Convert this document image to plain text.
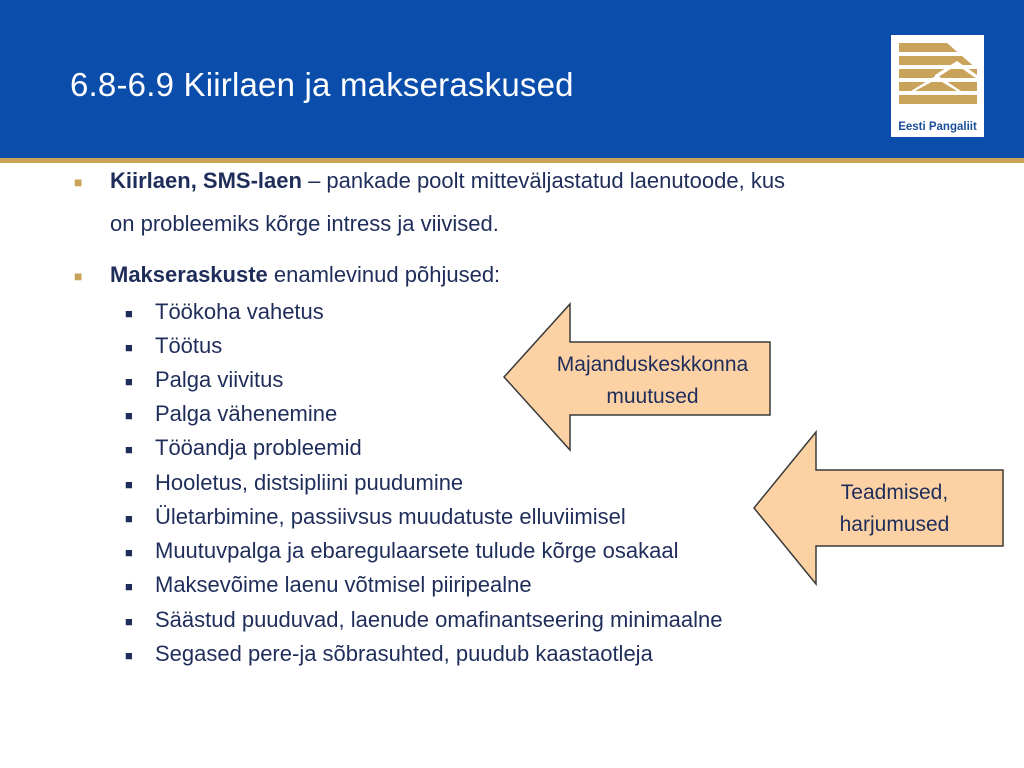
6.8-6.9 Kiirlaen ja makseraskused
Eesti Pangaliit
■ Kiirlaen, SMS-laen – pankade poolt mitteväljastatud laenutoode, kus
on probleemiks kõrge intress ja viivised.
■ Makseraskuste enamlevinud põhjused:
■ Töökoha vahetus
■ Töötus
■ Palga viivitus
■ Palga vähenemine
■ Tööandja probleemid
■ Hooletus, distsipliini puudumine
■ Ületarbimine, passiivsus muudatuste elluviimisel
■ Muutuvpalga ja ebaregulaarsete tulude kõrge osakaal
■ Maksevõime laenu võtmisel piiripealne
■ Säästud puuduvad, laenude omafinantseering minimaalne
■ Segased pere-ja sõbrasuhted, puudub kaastaotleja
Majanduskeskkonna
muutused
Teadmised,
harjumused
